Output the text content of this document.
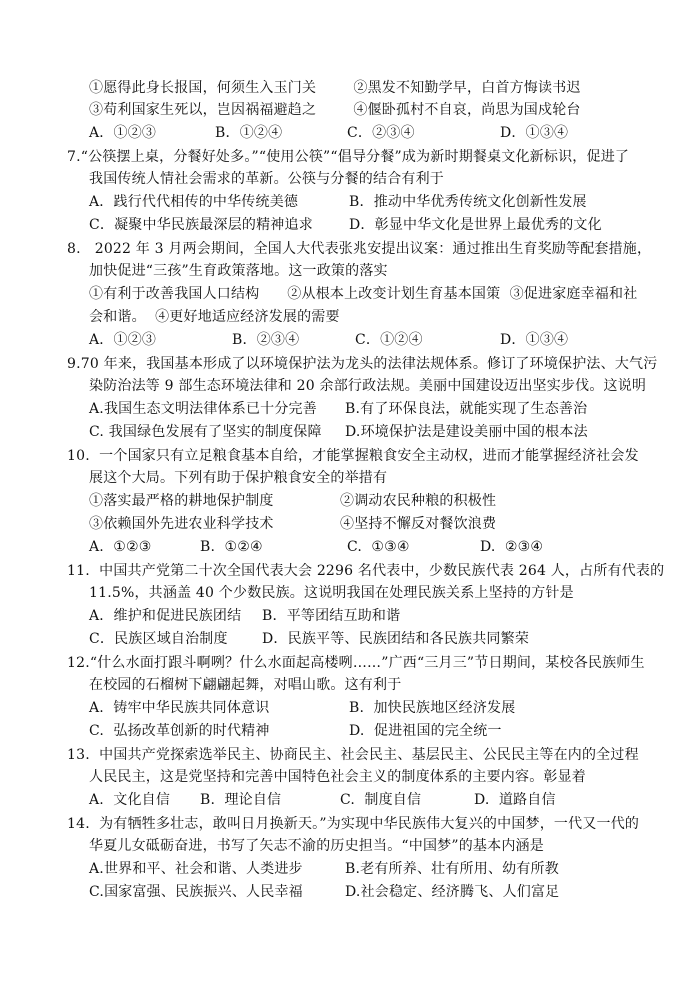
①愿得此身长报国，何须生入玉门关        ②黑发不知勤学早，白首方悔读书迟
③苟利国家生死以，岂因祸福避趋之        ④偃卧孤村不自哀，尚思为国戍轮台
A．①②③	B．①②④	C．②③④	D．①③④
7.“公筷摆上桌，分餐好处多。”“使用公筷”“倡导分餐”成为新时期餐桌文化新标识，促进了
我国传统人情社会需求的革新。公筷与分餐的结合有利于
A．践行代代相传的中华传统美德	B．推动中华优秀传统文化创新性发展
C．凝聚中华民族最深层的精神追求	D．彰显中华文化是世界上最优秀的文化
8.   2022 年 3 月两会期间，全国人大代表张兆安提出议案：通过推出生育奖励等配套措施，
加快促进“三孩”生育政策落地。这一政策的落实
①有利于改善我国人口结构      ②从根本上改变计划生育基本国策  ③促进家庭幸福和社
会和谐。  ④更好地适应经济发展的需要
A．①②③	B．②③④	C．①②④	D．①③④
9.70 年来，我国基本形成了以环境保护法为龙头的法律法规体系。修订了环境保护法、大气污
染防治法等 9 部生态环境法律和 20 余部行政法规。美丽中国建设迈出坚实步伐。这说明
A.我国生态文明法律体系已十分完善 B.有了环保良法，就能实现了生态善治
C. 我国绿色发展有了坚实的制度保障 D.环境保护法是建设美丽中国的根本法
10.  一个国家只有立足粮食基本自给，才能掌握粮食安全主动权，进而才能掌握经济社会发
展这个大局。下列有助于保护粮食安全的举措有
①落实最严格的耕地保护制度	②调动农民种粮的积极性
③依赖国外先进农业科学技术	④坚持不懈反对餐饮浪费
A.  ①②③	B.  ①②④	C.  ①③④	D.  ②③④
11.  中国共产党第二十次全国代表大会 2296 名代表中，少数民族代表 264 人，占所有代表的
11.5%，共涵盖 40 个少数民族。这说明我国在处理民族关系上坚持的方针是
A．维护和促进民族团结 B．平等团结互助和谐
C．民族区域自治制度 D．民族平等、民族团结和各民族共同繁荣
12.“什么水面打跟斗啊咧？什么水面起高楼咧……”广西“三月三”节日期间，某校各民族师生
在校园的石榴树下翩翩起舞，对唱山歌。这有利于
A.  铸牢中华民族共同体意识	B.  加快民族地区经济发展
C.  弘扬改革创新的时代精神	D.  促进祖国的完全统一
13.  中国共产党探索选举民主、协商民主、社会民主、基层民主、公民民主等在内的全过程
人民民主，这是党坚持和完善中国特色社会主义的制度体系的主要内容。彰显着
A.  文化自信 B.  理论自信	C.  制度自信	D.  道路自信
14.  为有牺牲多壮志，敢叫日月换新天。”为实现中华民族伟大复兴的中国梦，一代又一代的
华夏儿女砥砺奋进，书写了矢志不渝的历史担当。“中国梦”的基本内涵是
A.世界和平、社会和谐、人类进步	B.老有所养、壮有所用、幼有所教
C.国家富强、民族振兴、人民幸福	D.社会稳定、经济腾飞、人们富足
